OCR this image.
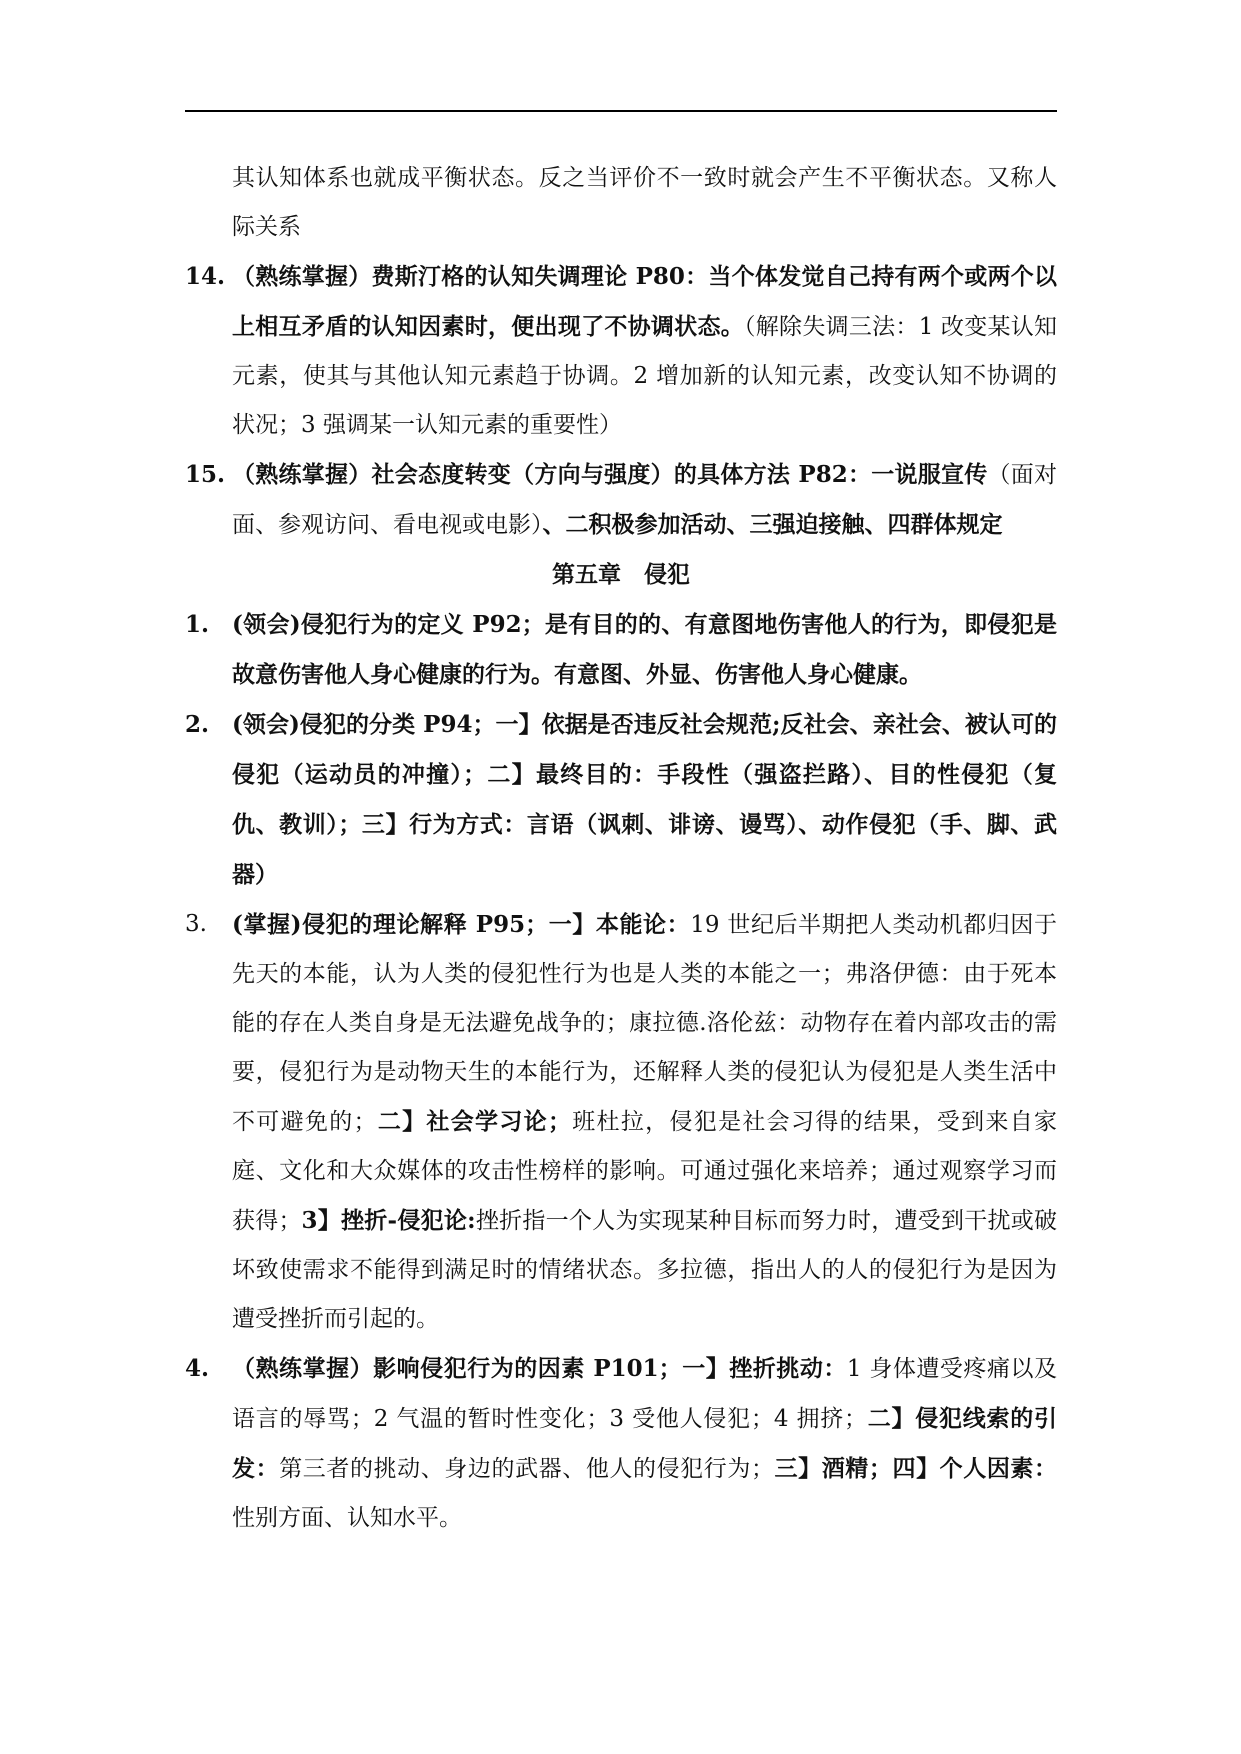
其认知体系也就成平衡状态。反之当评价不一致时就会产生不平衡状态。又称人际关系
14. （熟练掌握）费斯汀格的认知失调理论 P80：当个体发觉自己持有两个或两个以上相互矛盾的认知因素时，便出现了不协调状态。（解除失调三法：1 改变某认知元素，使其与其他认知元素趋于协调。2 增加新的认知元素，改变认知不协调的状况；3 强调某一认知元素的重要性）
15. （熟练掌握）社会态度转变（方向与强度）的具体方法 P82：一说服宣传（面对面、参观访问、看电视或电影）、二积极参加活动、三强迫接触、四群体规定
第五章　侵犯
1. (领会)侵犯行为的定义 P92；是有目的的、有意图地伤害他人的行为，即侵犯是故意伤害他人身心健康的行为。有意图、外显、伤害他人身心健康。
2. (领会)侵犯的分类 P94；一】依据是否违反社会规范;反社会、亲社会、被认可的侵犯（运动员的冲撞）；二】最终目的：手段性（强盗拦路）、目的性侵犯（复仇、教训）；三】行为方式：言语（讽刺、诽谤、谩骂）、动作侵犯（手、脚、武器）
3. (掌握)侵犯的理论解释 P95；一】本能论：19 世纪后半期把人类动机都归因于先天的本能，认为人类的侵犯性行为也是人类的本能之一；弗洛伊德：由于死本能的存在人类自身是无法避免战争的；康拉德.洛伦兹：动物存在着内部攻击的需要，侵犯行为是动物天生的本能行为，还解释人类的侵犯认为侵犯是人类生活中不可避免的；二】社会学习论；班杜拉，侵犯是社会习得的结果，受到来自家庭、文化和大众媒体的攻击性榜样的影响。可通过强化来培养；通过观察学习而获得；3】挫折-侵犯论:挫折指一个人为实现某种目标而努力时，遭受到干扰或破坏致使需求不能得到满足时的情绪状态。多拉德，指出人的人的侵犯行为是因为遭受挫折而引起的。
4. （熟练掌握）影响侵犯行为的因素 P101；一】挫折挑动：1 身体遭受疼痛以及语言的辱骂；2 气温的暂时性变化；3 受他人侵犯；4 拥挤；二】侵犯线索的引发：第三者的挑动、身边的武器、他人的侵犯行为；三】酒精；四】个人因素：性别方面、认知水平。
